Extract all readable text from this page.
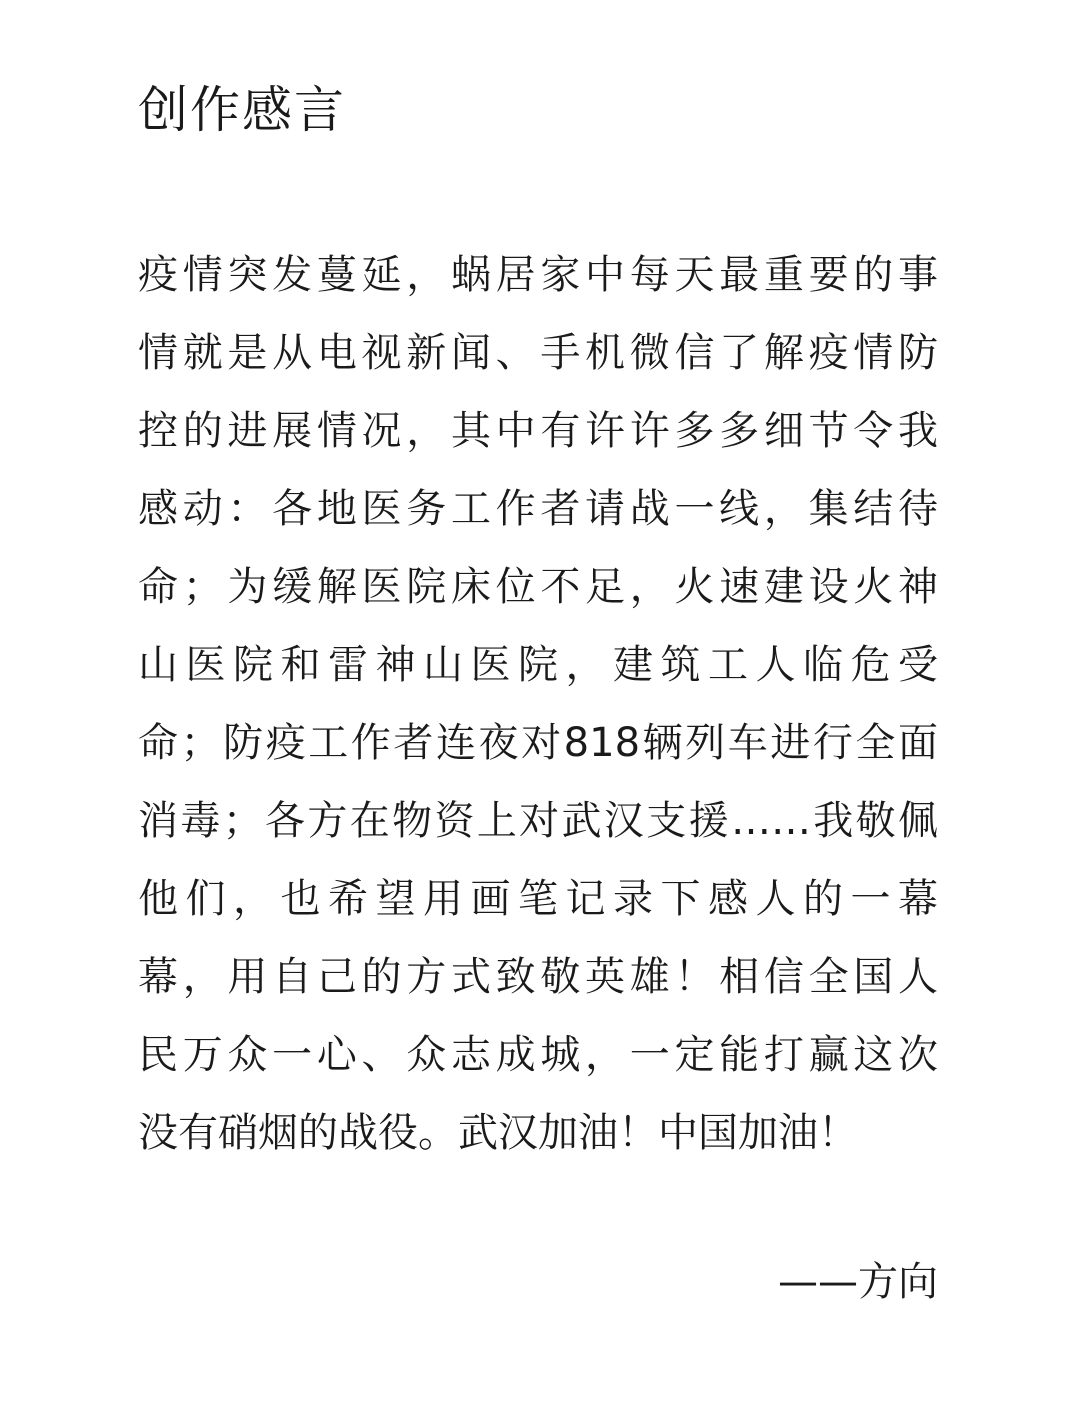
创作感言
疫情突发蔓延，蜗居家中每天最重要的事
情就是从电视新闻、手机微信了解疫情防
控的进展情况，其中有许许多多细节令我
感动：各地医务工作者请战一线，集结待
命；为缓解医院床位不足，火速建设火神
山医院和雷神山医院，建筑工人临危受
命；防疫工作者连夜对818辆列车进行全面
消毒；各方在物资上对武汉支援……我敬佩
他们，也希望用画笔记录下感人的一幕
幕，用自己的方式致敬英雄！相信全国人
民万众一心、众志成城，一定能打赢这次
没有硝烟的战役。武汉加油！中国加油！

——方向
